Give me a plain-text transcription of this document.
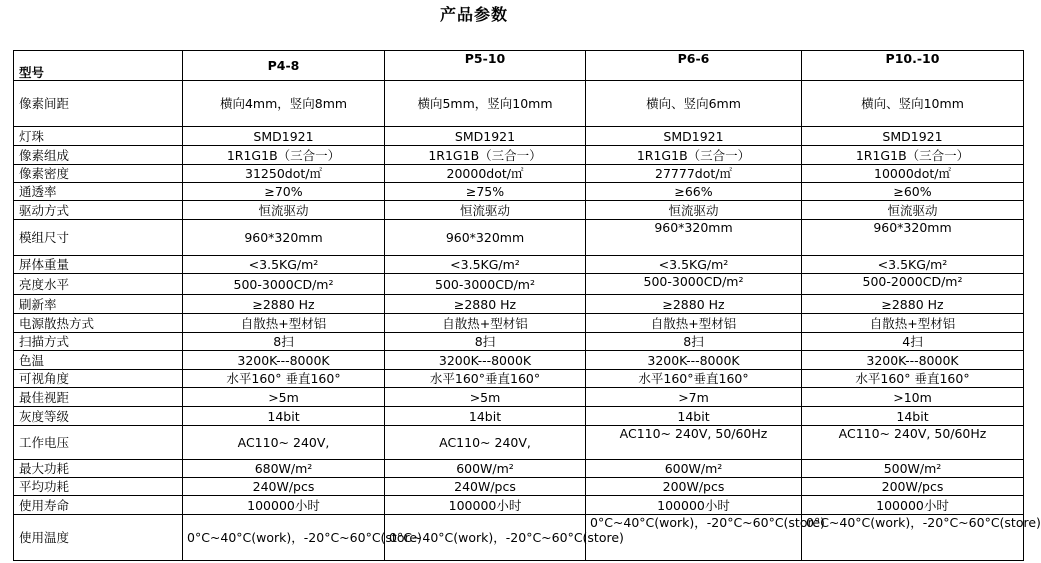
产品参数
型号	P4-8	P5-10	P6-6	P10.-10
像素间距	横向4mm，竖向8mm	横向5mm，竖向10mm	横向、竖向6mm	横向、竖向10mm
灯珠	SMD1921	SMD1921	SMD1921	SMD1921
像素组成	1R1G1B（三合一）	1R1G1B（三合一）	1R1G1B（三合一）	1R1G1B（三合一）
像素密度	31250dot/㎡	20000dot/㎡	27777dot/㎡	10000dot/㎡
通透率	≥70%	≥75%	≥66%	≥60%
驱动方式	恒流驱动	恒流驱动	恒流驱动	恒流驱动
模组尺寸	960*320mm	960*320mm	960*320mm	960*320mm
屏体重量	<3.5KG/m²	<3.5KG/m²	<3.5KG/m²	<3.5KG/m²
亮度水平	500-3000CD/m²	500-3000CD/m²	500-3000CD/m²	500-2000CD/m²
刷新率	≥2880 Hz	≥2880 Hz	≥2880 Hz	≥2880 Hz
电源散热方式	自散热+型材铝	自散热+型材铝	自散热+型材铝	自散热+型材铝
扫描方式	8扫	8扫	8扫	4扫
色温	3200K---8000K	3200K---8000K	3200K---8000K	3200K---8000K
可视角度	水平160° 垂直160°	水平160°垂直160°	水平160°垂直160°	水平160° 垂直160°
最佳视距	>5m	>5m	>7m	>10m
灰度等级	14bit	14bit	14bit	14bit
工作电压	AC110~ 240V,	AC110~ 240V,	AC110~ 240V, 50/60Hz	AC110~ 240V, 50/60Hz
最大功耗	680W/m²	600W/m²	600W/m²	500W/m²
平均功耗	240W/pcs	240W/pcs	200W/pcs	200W/pcs
使用寿命	100000小时	100000小时	100000小时	100000小时
使用温度	0°C~40°C(work)，-20°C~60°C(store)	0°C~40°C(work)，-20°C~60°C(store)	0°C~40°C(work)，-20°C~60°C(store)	0°C~40°C(work)，-20°C~60°C(store)
